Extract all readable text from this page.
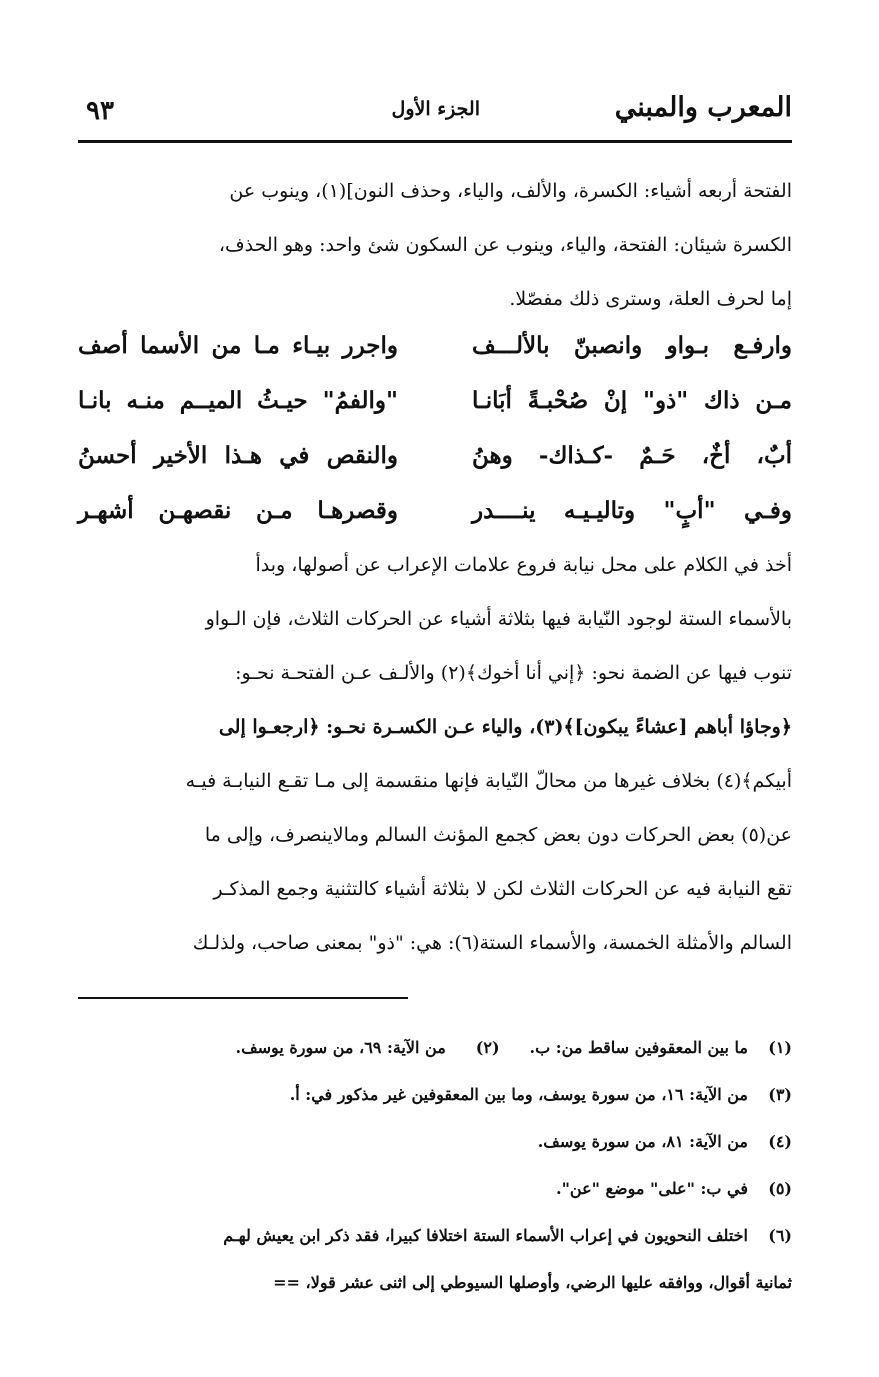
المعرب والمبني
الجزء الأول
٩٣
الفتحة أربعه أشياء: الكسرة، والألف، والياء، وحذف النون](١)، وينوب عن
الكسرة شيئان: الفتحة، والياء، وينوب عن السكون شئ واحد: وهو الحذف،
إما لحرف العلة، وسترى ذلك مفصّلا.
وارفـع بـواو وانصبنّ بالألـــف
واجرر بيـاء مـا من الأسما أصف
مـن ذاك "ذو" إنْ صُحْبـةً أبَانـا
"والفمُ" حيـثُ الميــم منـه بانـا
أبٌ، أخٌ، حَـمٌ -كـذاك- وهنُ
والنقص في هـذا الأخير أحسنُ
وفـي "أبٍ" وتاليـيـه ينــــدر
وقصرهـا مـن نقصهـن أشهـر
أخذ في الكلام على محل نيابة فروع علامات الإعراب عن أصولها، وبدأ
بالأسماء الستة لوجود النّيابة فيها بثلاثة أشياء عن الحركات الثلاث، فإن الـواو
تنوب فيها عن الضمة نحو: ﴿إني أنا أخوك﴾(٢) والألـف عـن الفتحـة نحـو:
﴿وجاؤا أباهم [عشاءً يبكون]﴾(٣)، والياء عـن الكسـرة نحـو: ﴿ارجعـوا إلى
أبيكم﴾(٤) بخلاف غيرها من محالّ النّيابة فإنها منقسمة إلى مـا تقـع النيابـة فيـه
عن(٥) بعض الحركات دون بعض كجمع المؤنث السالم ومالاينصرف، وإلى ما
تقع النيابة فيه عن الحركات الثلاث لكن لا بثلاثة أشياء كالتثنية وجمع المذكـر
السالم والأمثلة الخمسة، والأسماء الستة(٦): هي: "ذو" بمعنى صاحب، ولذلـك
(١)
ما بين المعقوفين ساقط من: ب.(٢)من الآية: ٦٩، من سورة يوسف.
(٣)
من الآية: ١٦، من سورة يوسف، وما بين المعقوفين غير مذكور في: أ.
(٤)
من الآية: ٨١، من سورة يوسف.
(٥)
في ب: "على" موضع "عن".
(٦)
اختلف النحويون في إعراب الأسماء الستة اختلافا كبيرا، فقد ذكر ابن يعيش لهـم
ثمانية أقوال، ووافقه عليها الرضي، وأوصلها السيوطي إلى اثنى عشر قولا، ==
